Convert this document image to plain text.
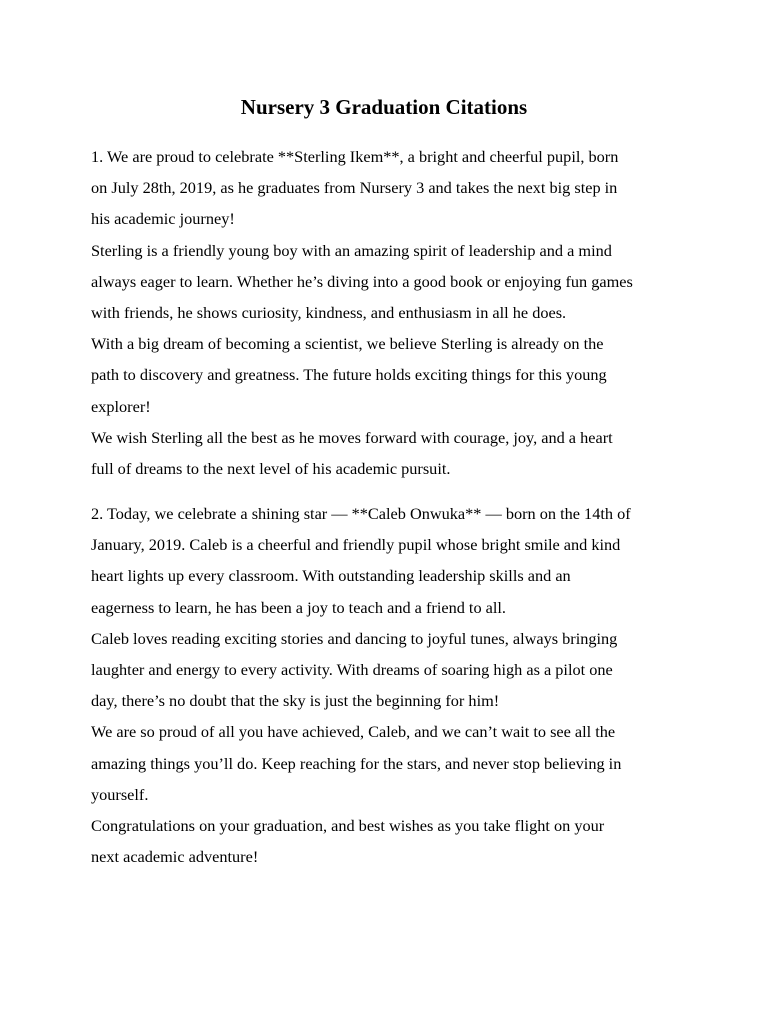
Nursery 3 Graduation Citations

1. We are proud to celebrate **Sterling Ikem**, a bright and cheerful pupil, born

on July 28th, 2019, as he graduates from Nursery 3 and takes the next big step in

his academic journey!

Sterling is a friendly young boy with an amazing spirit of leadership and a mind

always eager to learn. Whether he’s diving into a good book or enjoying fun games

with friends, he shows curiosity, kindness, and enthusiasm in all he does.

With a big dream of becoming a scientist, we believe Sterling is already on the

path to discovery and greatness. The future holds exciting things for this young

explorer!

We wish Sterling all the best as he moves forward with courage, joy, and a heart

full of dreams to the next level of his academic pursuit.

2. Today, we celebrate a shining star — **Caleb Onwuka** — born on the 14th of

January, 2019. Caleb is a cheerful and friendly pupil whose bright smile and kind

heart lights up every classroom. With outstanding leadership skills and an

eagerness to learn, he has been a joy to teach and a friend to all.

Caleb loves reading exciting stories and dancing to joyful tunes, always bringing

laughter and energy to every activity. With dreams of soaring high as a pilot one

day, there’s no doubt that the sky is just the beginning for him!

We are so proud of all you have achieved, Caleb, and we can’t wait to see all the

amazing things you’ll do. Keep reaching for the stars, and never stop believing in

yourself.

Congratulations on your graduation, and best wishes as you take flight on your

next academic adventure!
